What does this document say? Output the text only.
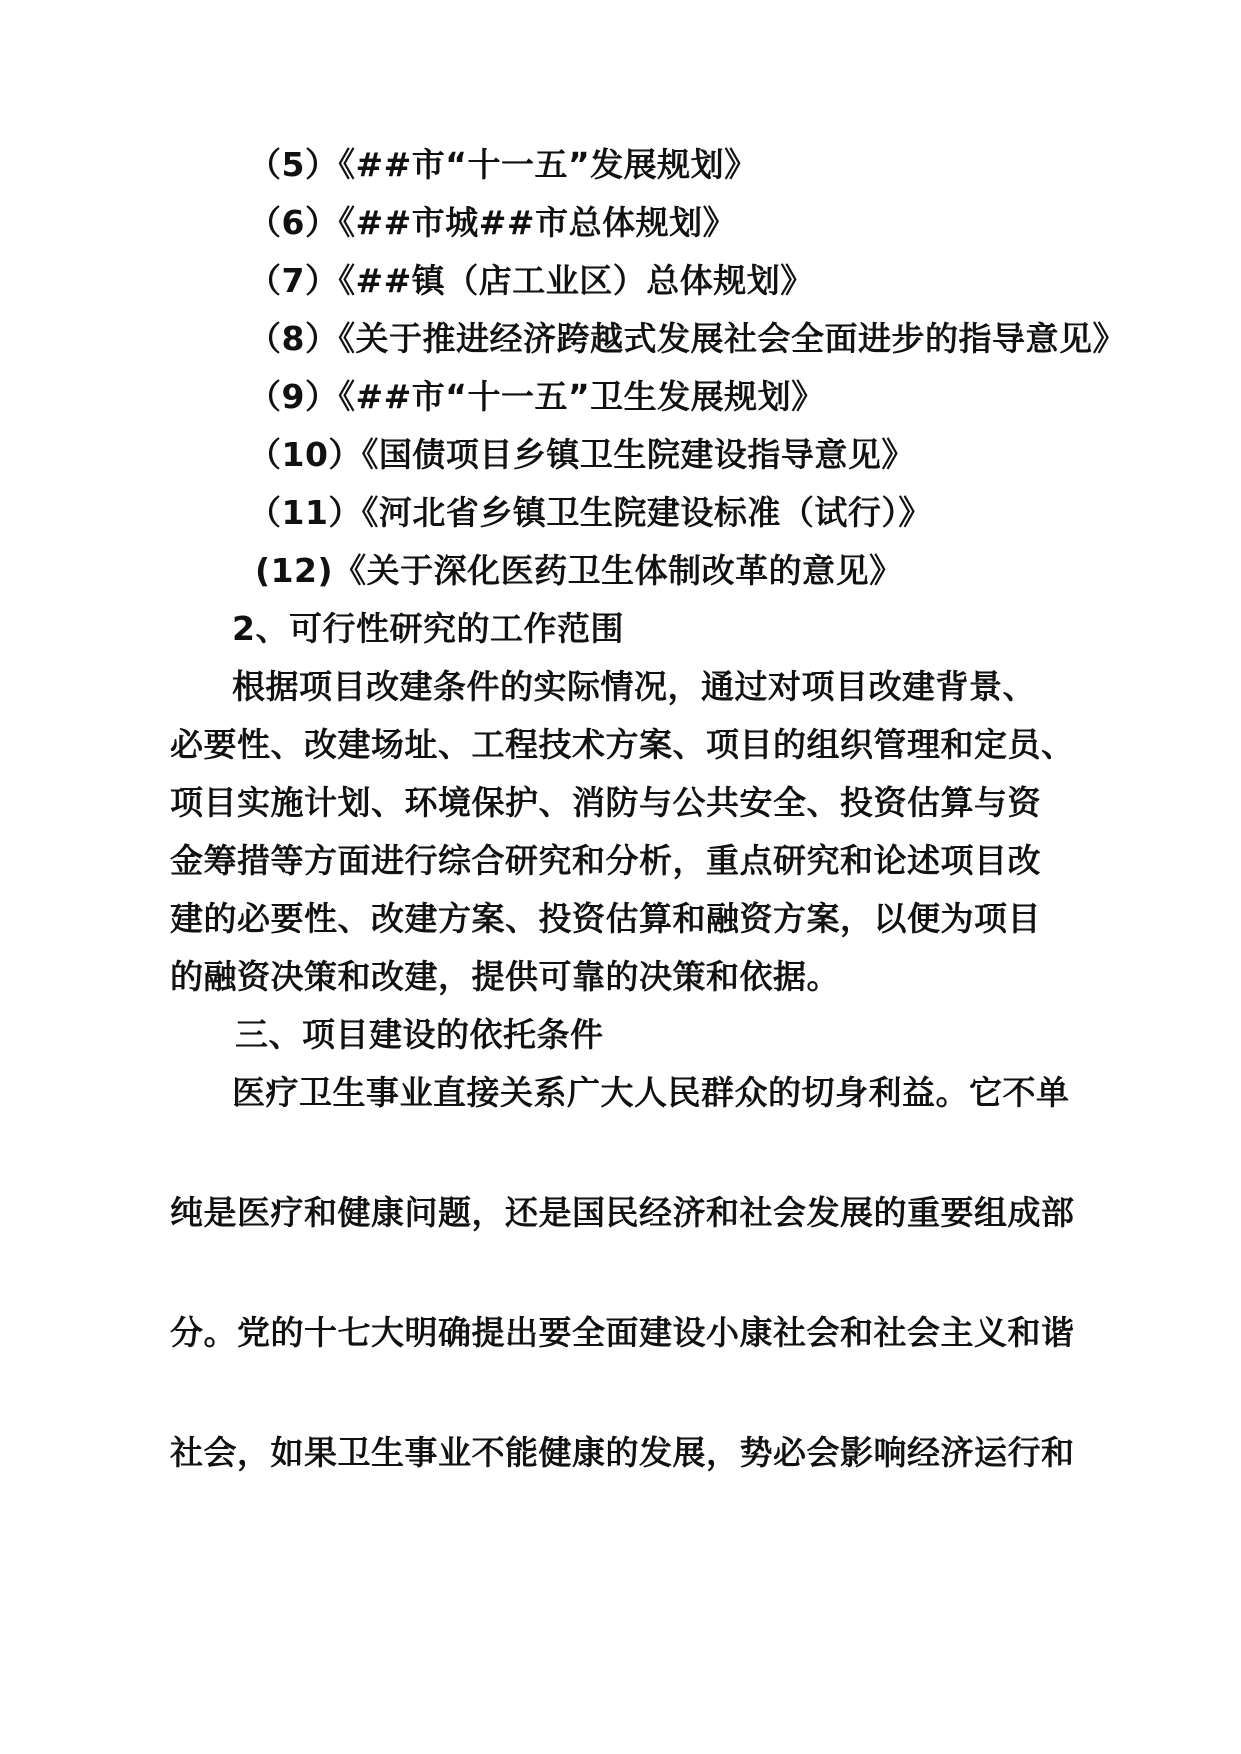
（5）《##市“十一五”发展规划》
（6）《##市城##市总体规划》
（7）《##镇（店工业区）总体规划》
（8）《关于推进经济跨越式发展社会全面进步的指导意见》
（9）《##市“十一五”卫生发展规划》
（10）《国债项目乡镇卫生院建设指导意见》
（11）《河北省乡镇卫生院建设标准（试行）》
(12)《关于深化医药卫生体制改革的意见》
2、可行性研究的工作范围
根据项目改建条件的实际情况，通过对项目改建背景、
必要性、改建场址、工程技术方案、项目的组织管理和定员、
项目实施计划、环境保护、消防与公共安全、投资估算与资
金筹措等方面进行综合研究和分析，重点研究和论述项目改
建的必要性、改建方案、投资估算和融资方案，以便为项目
的融资决策和改建，提供可靠的决策和依据。
三、项目建设的依托条件
医疗卫生事业直接关系广大人民群众的切身利益。它不单
纯是医疗和健康问题，还是国民经济和社会发展的重要组成部
分。党的十七大明确提出要全面建设小康社会和社会主义和谐
社会，如果卫生事业不能健康的发展，势必会影响经济运行和
